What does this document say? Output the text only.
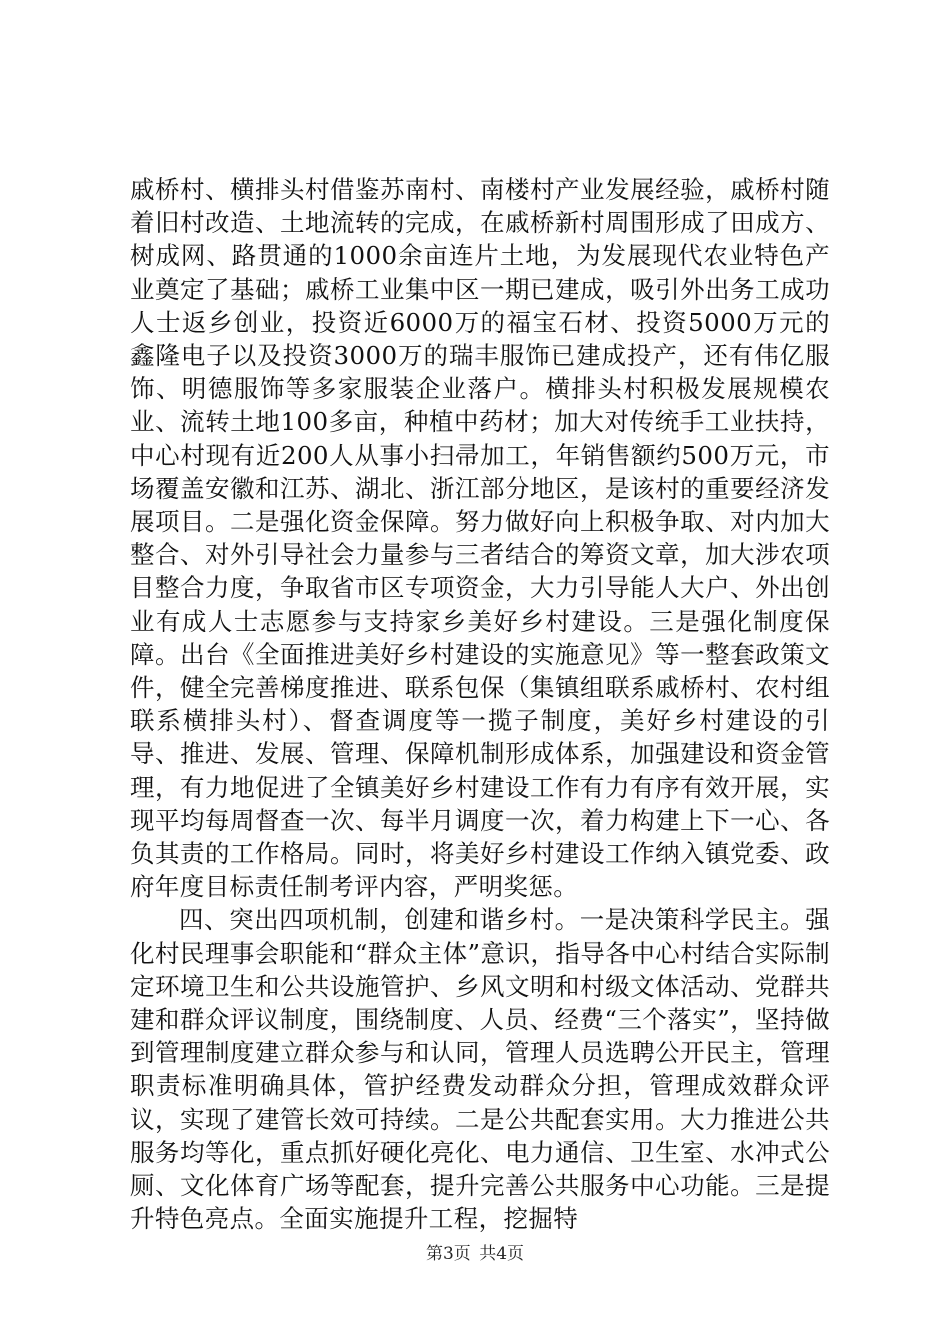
戚桥村、横排头村借鉴苏南村、南楼村产业发展经验，戚桥村随着旧村改造、土地流转的完成，在戚桥新村周围形成了田成方、树成网、路贯通的1000余亩连片土地，为发展现代农业特色产业奠定了基础；戚桥工业集中区一期已建成，吸引外出务工成功人士返乡创业，投资近6000万的福宝石材、投资5000万元的鑫隆电子以及投资3000万的瑞丰服饰已建成投产，还有伟亿服饰、明德服饰等多家服装企业落户。横排头村积极发展规模农业、流转土地100多亩，种植中药材；加大对传统手工业扶持，中心村现有近200人从事小扫帚加工，年销售额约500万元，市场覆盖安徽和江苏、湖北、浙江部分地区，是该村的重要经济发展项目。二是强化资金保障。努力做好向上积极争取、对内加大整合、对外引导社会力量参与三者结合的筹资文章，加大涉农项目整合力度，争取省市区专项资金，大力引导能人大户、外出创业有成人士志愿参与支持家乡美好乡村建设。三是强化制度保障。出台《全面推进美好乡村建设的实施意见》等一整套政策文件，健全完善梯度推进、联系包保（集镇组联系戚桥村、农村组联系横排头村）、督查调度等一揽子制度，美好乡村建设的引导、推进、发展、管理、保障机制形成体系，加强建设和资金管理，有力地促进了全镇美好乡村建设工作有力有序有效开展，实现平均每周督查一次、每半月调度一次，着力构建上下一心、各负其责的工作格局。同时，将美好乡村建设工作纳入镇党委、政府年度目标责任制考评内容，严明奖惩。

四、突出四项机制，创建和谐乡村。一是决策科学民主。强化村民理事会职能和“群众主体”意识，指导各中心村结合实际制定环境卫生和公共设施管护、乡风文明和村级文体活动、党群共建和群众评议制度，围绕制度、人员、经费“三个落实”，坚持做到管理制度建立群众参与和认同，管理人员选聘公开民主，管理职责标准明确具体，管护经费发动群众分担，管理成效群众评议，实现了建管长效可持续。二是公共配套实用。大力推进公共服务均等化，重点抓好硬化亮化、电力通信、卫生室、水冲式公厕、文化体育广场等配套，提升完善公共服务中心功能。三是提升特色亮点。全面实施提升工程，挖掘特

第3页 共4页
